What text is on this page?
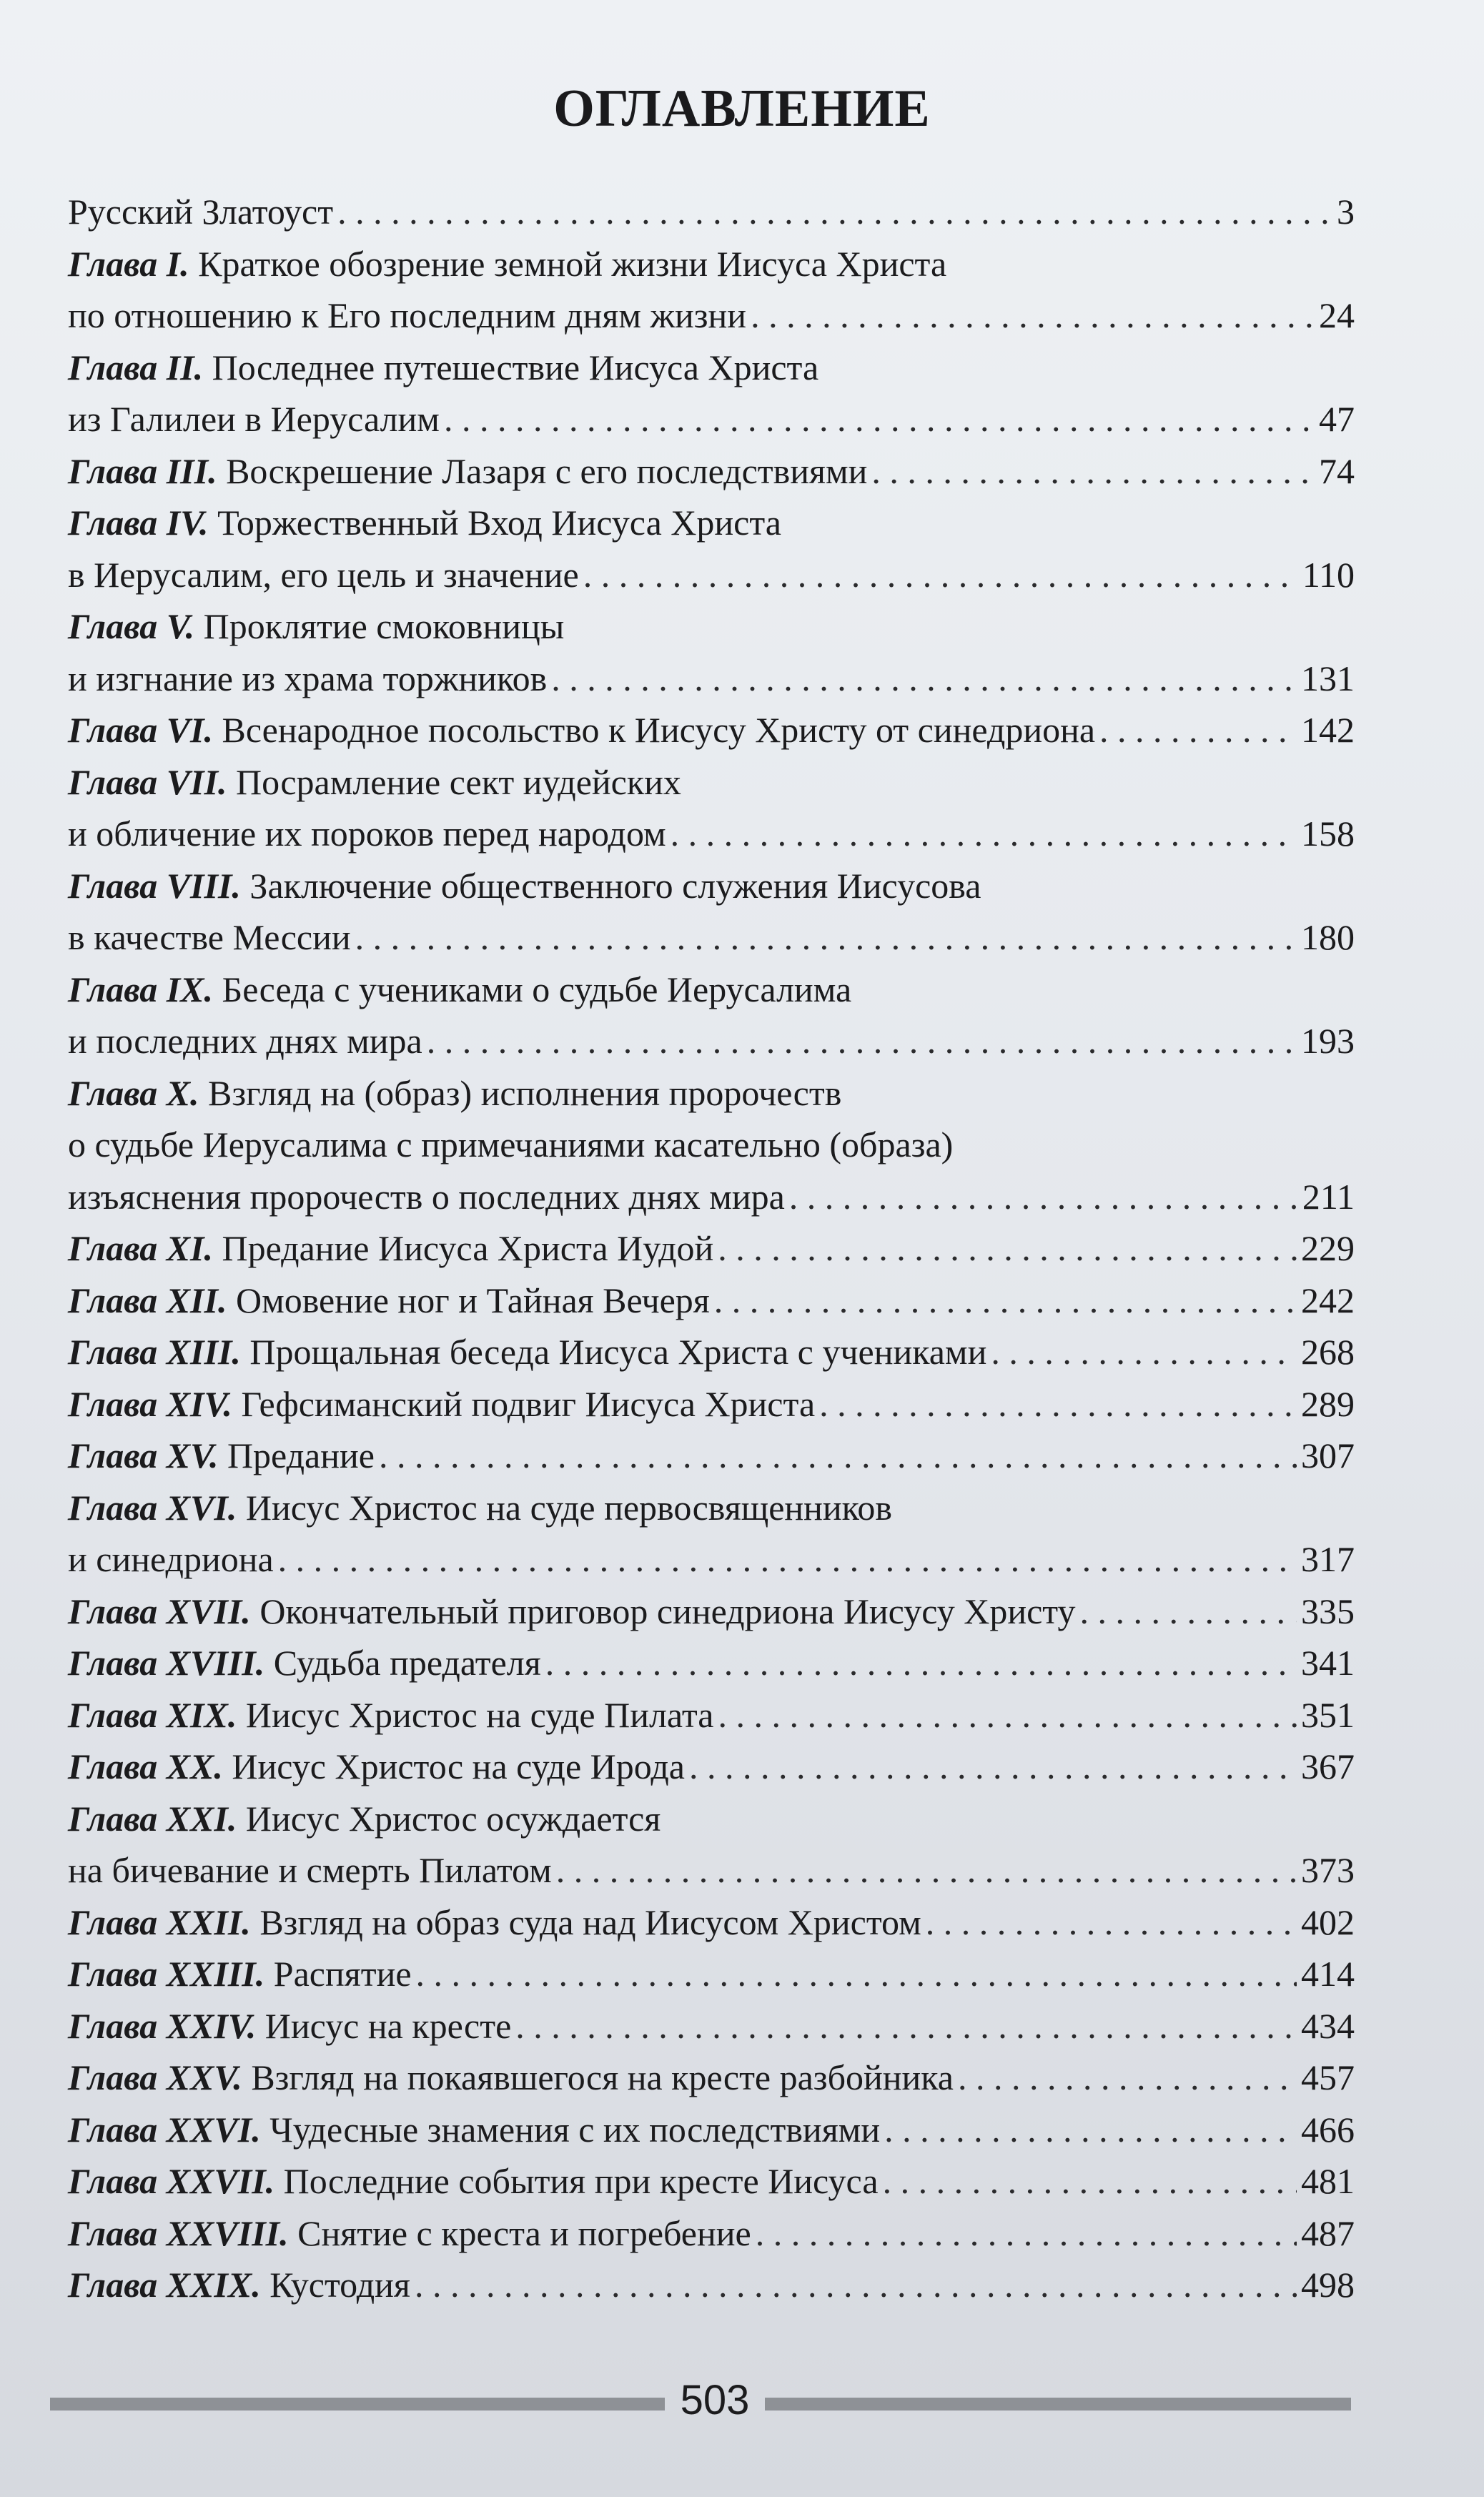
ОГЛАВЛЕНИЕ
Русский Златоуст . . .	3
Глава I. Краткое обозрение земной жизни Иисуса Христа
по отношению к Его последним дням жизни . . .	24
Глава II. Последнее путешествие Иисуса Христа
из Галилеи в Иерусалим . . .	47
Глава III. Воскрешение Лазаря с его последствиями . . .	74
Глава IV. Торжественный Вход Иисуса Христа
в Иерусалим, его цель и значение . . .	110
Глава V. Проклятие смоковницы
и изгнание из храма торжников . . .	131
Глава VI. Всенародное посольство к Иисусу Христу от синедриона . . .	142
Глава VII. Посрамление сект иудейских
и обличение их пороков перед народом . . .	158
Глава VIII. Заключение общественного служения Иисусова
в качестве Мессии . . .	180
Глава IX. Беседа с учениками о судьбе Иерусалима
и последних днях мира . . .	193
Глава X. Взгляд на (образ) исполнения пророчеств
о судьбе Иерусалима с примечаниями касательно (образа)
изъяснения пророчеств о последних днях мира . . .	211
Глава XI. Предание Иисуса Христа Иудой . . .	229
Глава XII. Омовение ног и Тайная Вечеря . . .	242
Глава XIII. Прощальная беседа Иисуса Христа с учениками . . .	268
Глава XIV. Гефсиманский подвиг Иисуса Христа . . .	289
Глава XV. Предание . . .	307
Глава XVI. Иисус Христос на суде первосвященников
и синедриона . . .	317
Глава XVII. Окончательный приговор синедриона Иисусу Христу . . .	335
Глава XVIII. Судьба предателя . . .	341
Глава XIX. Иисус Христос на суде Пилата . . .	351
Глава XX. Иисус Христос на суде Ирода . . .	367
Глава XXI. Иисус Христос осуждается
на бичевание и смерть Пилатом . . .	373
Глава XXII. Взгляд на образ суда над Иисусом Христом . . .	402
Глава XXIII. Распятие . . .	414
Глава XXIV. Иисус на кресте . . .	434
Глава XXV. Взгляд на покаявшегося на кресте разбойника . . .	457
Глава XXVI. Чудесные знамения с их последствиями . . .	466
Глава XXVII. Последние события при кресте Иисуса . . .	481
Глава XXVIII. Снятие с креста и погребение . . .	487
Глава XXIX. Кустодия . . .	498
503
